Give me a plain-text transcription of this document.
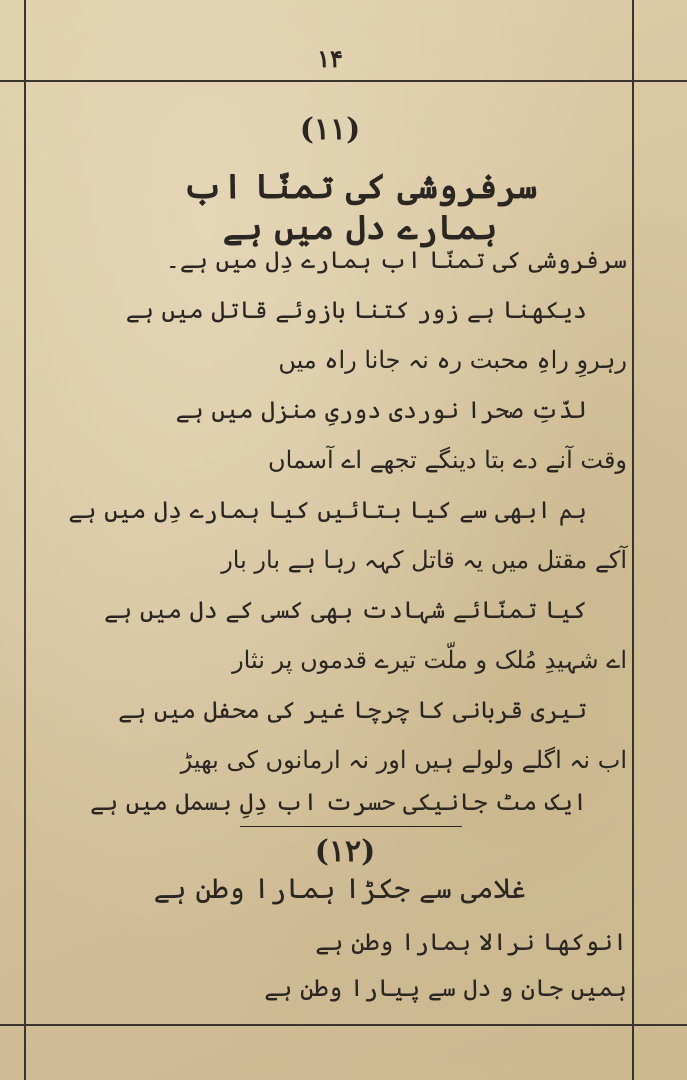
۱۴
(۱۱)
سرفروشی کی تمنّا اب ہمارے دل میں ہے
سرفروشی کی تمنّا اب ہمارے دِل میں ہے۔
دیکھنا ہے زور کتنا بازوئے قاتل میں ہے
رہروِ راہِ محبت رہ نہ جانا راہ میں
لذّتِ صحرا نوردی دوریِ منزل میں ہے
وقت آنے دے بتا دینگے تجھے اے آسماں
ہم ابھی سے کیا بتائیں کیا ہمارے دِل میں ہے
آکے مقتل میں یہ قاتل کہہ رہا ہے بار بار
کیا تمنّائے شہادت بھی کسی کے دل میں ہے
اے شہیدِ مُلک و ملّت تیرے قدموں پر نثار
تیری قربانی کا چرچا غیر کی محفل میں ہے
اب نہ اگلے ولولے ہیں اور نہ ارمانوں کی بھیڑ
ایک مٹ جانیکی حسرت اب دِلِ بسمل میں ہے
(۱۲)
غلامی سے جکڑا ہمارا وطن ہے
انوکھا نرالا ہمارا وطن ہے
ہمیں جان و دل سے پیارا وطن ہے
